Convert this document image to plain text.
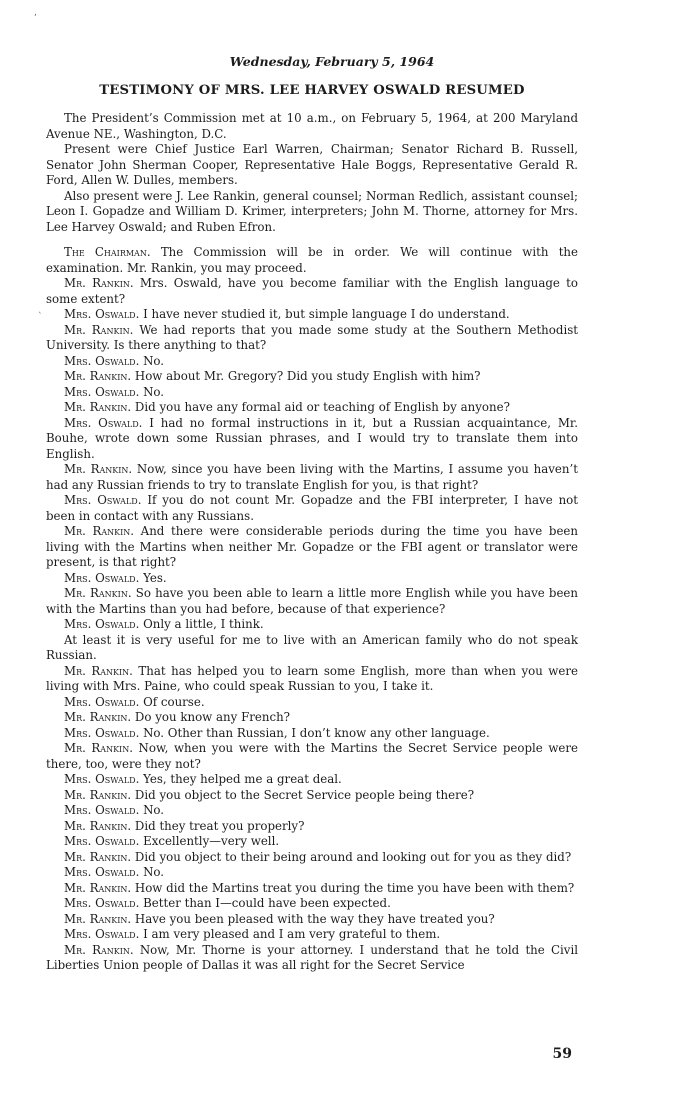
,
`
Wednesday, February 5, 1964
TESTIMONY OF MRS. LEE HARVEY OSWALD RESUMED

The President’s Commission met at 10 a.m., on February 5, 1964, at 200 Maryland Avenue NE., Washington, D.C.

Present were Chief Justice Earl Warren, Chairman; Senator Richard B. Russell, Senator John Sherman Cooper, Representative Hale Boggs, Representative Gerald R. Ford, Allen W. Dulles, members.

Also present were J. Lee Rankin, general counsel; Norman Redlich, assistant counsel; Leon I. Gopadze and William D. Krimer, interpreters; John M. Thorne, attorney for Mrs. Lee Harvey Oswald; and Ruben Efron.

The Chairman. The Commission will be in order. We will continue with the examination. Mr. Rankin, you may proceed.

Mr. Rankin. Mrs. Oswald, have you become familiar with the English language to some extent?

Mrs. Oswald. I have never studied it, but simple language I do understand.

Mr. Rankin. We had reports that you made some study at the Southern Methodist University. Is there anything to that?

Mrs. Oswald. No.

Mr. Rankin. How about Mr. Gregory? Did you study English with him?

Mrs. Oswald. No.

Mr. Rankin. Did you have any formal aid or teaching of English by anyone?

Mrs. Oswald. I had no formal instructions in it, but a Russian acquaintance, Mr. Bouhe, wrote down some Russian phrases, and I would try to translate them into English.

Mr. Rankin. Now, since you have been living with the Martins, I assume you haven’t had any Russian friends to try to translate English for you, is that right?

Mrs. Oswald. If you do not count Mr. Gopadze and the FBI interpreter, I have not been in contact with any Russians.

Mr. Rankin. And there were considerable periods during the time you have been living with the Martins when neither Mr. Gopadze or the FBI agent or translator were present, is that right?

Mrs. Oswald. Yes.

Mr. Rankin. So have you been able to learn a little more English while you have been with the Martins than you had before, because of that experience?

Mrs. Oswald. Only a little, I think.

At least it is very useful for me to live with an American family who do not speak Russian.

Mr. Rankin. That has helped you to learn some English, more than when you were living with Mrs. Paine, who could speak Russian to you, I take it.

Mrs. Oswald. Of course.

Mr. Rankin. Do you know any French?

Mrs. Oswald. No. Other than Russian, I don’t know any other language.

Mr. Rankin. Now, when you were with the Martins the Secret Service people were there, too, were they not?

Mrs. Oswald. Yes, they helped me a great deal.

Mr. Rankin. Did you object to the Secret Service people being there?

Mrs. Oswald. No.

Mr. Rankin. Did they treat you properly?

Mrs. Oswald. Excellently—very well.

Mr. Rankin. Did you object to their being around and looking out for you as they did?

Mrs. Oswald. No.

Mr. Rankin. How did the Martins treat you during the time you have been with them?

Mrs. Oswald. Better than I—could have been expected.

Mr. Rankin. Have you been pleased with the way they have treated you?

Mrs. Oswald. I am very pleased and I am very grateful to them.

Mr. Rankin. Now, Mr. Thorne is your attorney. I understand that he told the Civil Liberties Union people of Dallas it was all right for the Secret Service

59
